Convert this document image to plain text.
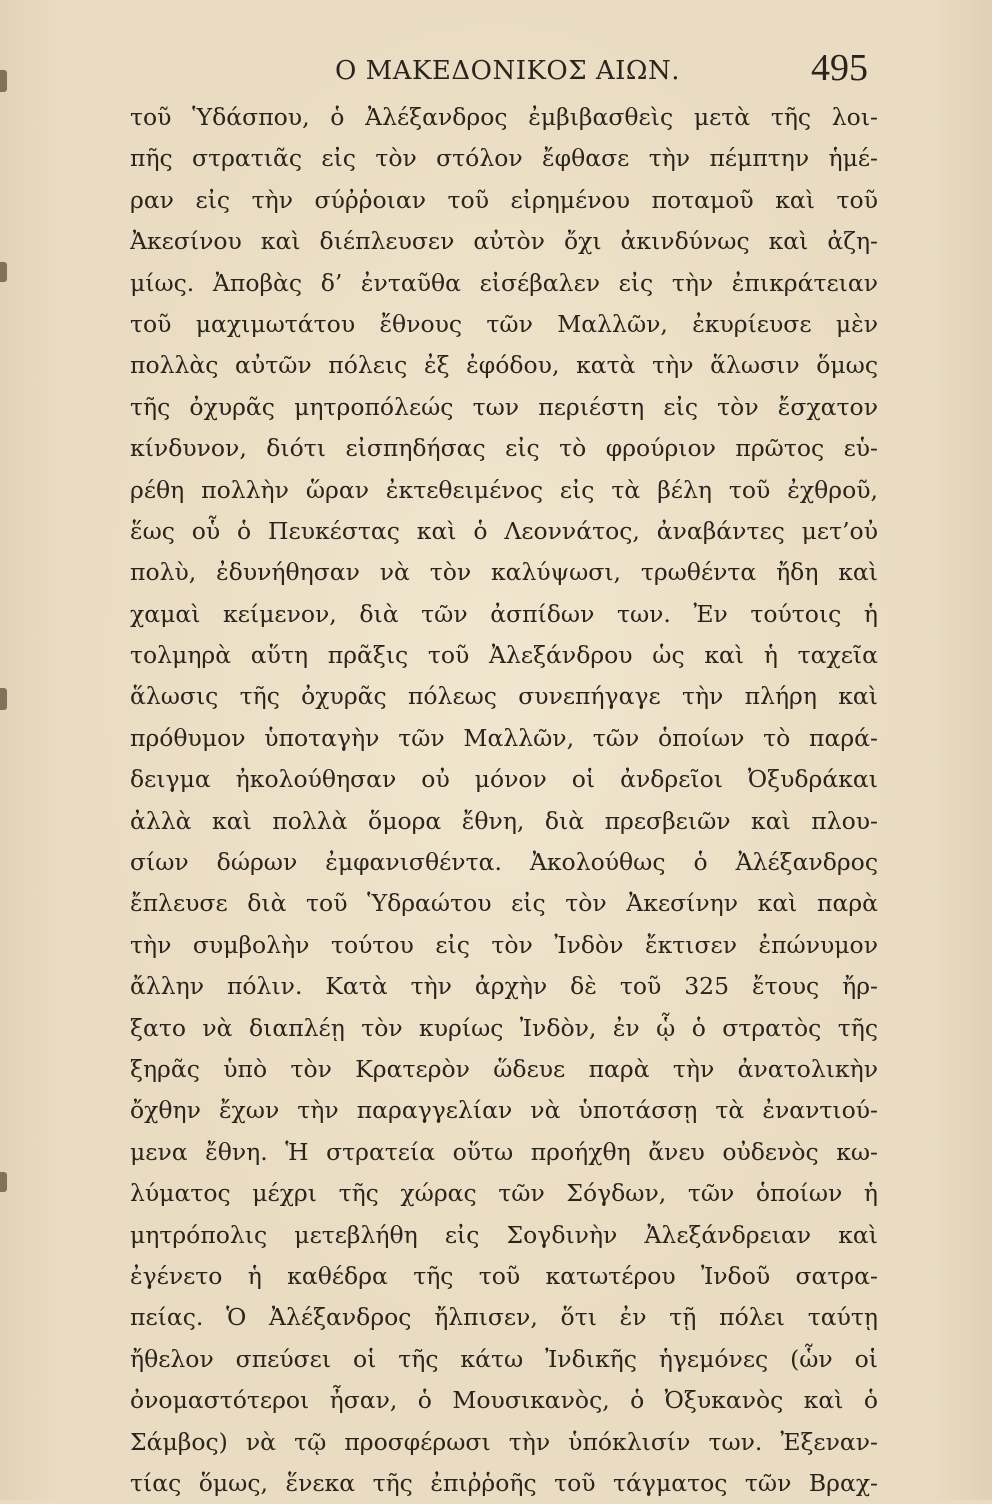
Ο ΜΑΚΕΔΟΝΙΚΟΣ ΑΙΩΝ.	495
τοῦ Ὑδάσπου, ὁ Ἀλέξανδρος ἐμβιβασθεὶς μετὰ τῆς λοι-
πῆς στρατιᾶς εἰς τὸν στόλον ἔφθασε τὴν πέμπτην ἡμέ-
ραν εἰς τὴν σύῤῥοιαν τοῦ εἰρημένου ποταμοῦ καὶ τοῦ
Ἀκεσίνου καὶ διέπλευσεν αὐτὸν ὄχι ἀκινδύνως καὶ ἀζη-
μίως. Ἀποβὰς δ’ ἐνταῦθα εἰσέβαλεν εἰς τὴν ἐπικράτειαν
τοῦ μαχιμωτάτου ἔθνους τῶν Μαλλῶν, ἐκυρίευσε μὲν
πολλὰς αὐτῶν πόλεις ἐξ ἐφόδου, κατὰ τὴν ἅλωσιν ὅμως
τῆς ὀχυρᾶς μητροπόλεώς των περιέστη εἰς τὸν ἔσχατον
κίνδυνον, διότι εἰσπηδήσας εἰς τὸ φρούριον πρῶτος εὑ-
ρέθη πολλὴν ὥραν ἐκτεθειμένος εἰς τὰ βέλη τοῦ ἐχθροῦ,
ἕως οὗ ὁ Πευκέστας καὶ ὁ Λεοννάτος, ἀναβάντες μετ’οὐ
πολὺ, ἐδυνήθησαν νὰ τὸν καλύψωσι, τρωθέντα ἤδη καὶ
χαμαὶ κείμενον, διὰ τῶν ἀσπίδων των. Ἐν τούτοις ἡ
τολμηρὰ αὕτη πρᾶξις τοῦ Ἀλεξάνδρου ὡς καὶ ἡ ταχεῖα
ἅλωσις τῆς ὀχυρᾶς πόλεως συνεπήγαγε τὴν πλήρη καὶ
πρόθυμον ὑποταγὴν τῶν Μαλλῶν, τῶν ὁποίων τὸ παρά-
δειγμα ἠκολούθησαν οὐ μόνον οἱ ἀνδρεῖοι Ὀξυδράκαι
ἀλλὰ καὶ πολλὰ ὅμορα ἔθνη, διὰ πρεσβειῶν καὶ πλου-
σίων δώρων ἐμφανισθέντα. Ἀκολούθως ὁ Ἀλέξανδρος
ἔπλευσε διὰ τοῦ Ὑδραώτου εἰς τὸν Ἀκεσίνην καὶ παρὰ
τὴν συμβολὴν τούτου εἰς τὸν Ἰνδὸν ἔκτισεν ἐπώνυμον
ἄλλην πόλιν. Κατὰ τὴν ἀρχὴν δὲ τοῦ 325 ἔτους ἤρ-
ξατο νὰ διαπλέῃ τὸν κυρίως Ἰνδὸν, ἐν ᾧ ὁ στρατὸς τῆς
ξηρᾶς ὑπὸ τὸν Κρατερὸν ὥδευε παρὰ τὴν ἀνατολικὴν
ὄχθην ἔχων τὴν παραγγελίαν νὰ ὑποτάσσῃ τὰ ἐναντιού-
μενα ἔθνη. Ἡ στρατεία οὕτω προήχθη ἄνευ οὐδενὸς κω-
λύματος μέχρι τῆς χώρας τῶν Σόγδων, τῶν ὁποίων ἡ
μητρόπολις μετεβλήθη εἰς Σογδινὴν Ἀλεξάνδρειαν καὶ
ἐγένετο ἡ καθέδρα τῆς τοῦ κατωτέρου Ἰνδοῦ σατρα-
πείας. Ὁ Ἀλέξανδρος ἤλπισεν, ὅτι ἐν τῇ πόλει ταύτῃ
ἤθελον σπεύσει οἱ τῆς κάτω Ἰνδικῆς ἡγεμόνες (ὧν οἱ
ὀνομαστότεροι ἦσαν, ὁ Μουσικανὸς, ὁ Ὀξυκανὸς καὶ ὁ
Σάμβος) νὰ τῷ προσφέρωσι τὴν ὑπόκλισίν των. Ἐξεναν-
τίας ὅμως, ἕνεκα τῆς ἐπιῤῥοῆς τοῦ τάγματος τῶν Βραχ-
